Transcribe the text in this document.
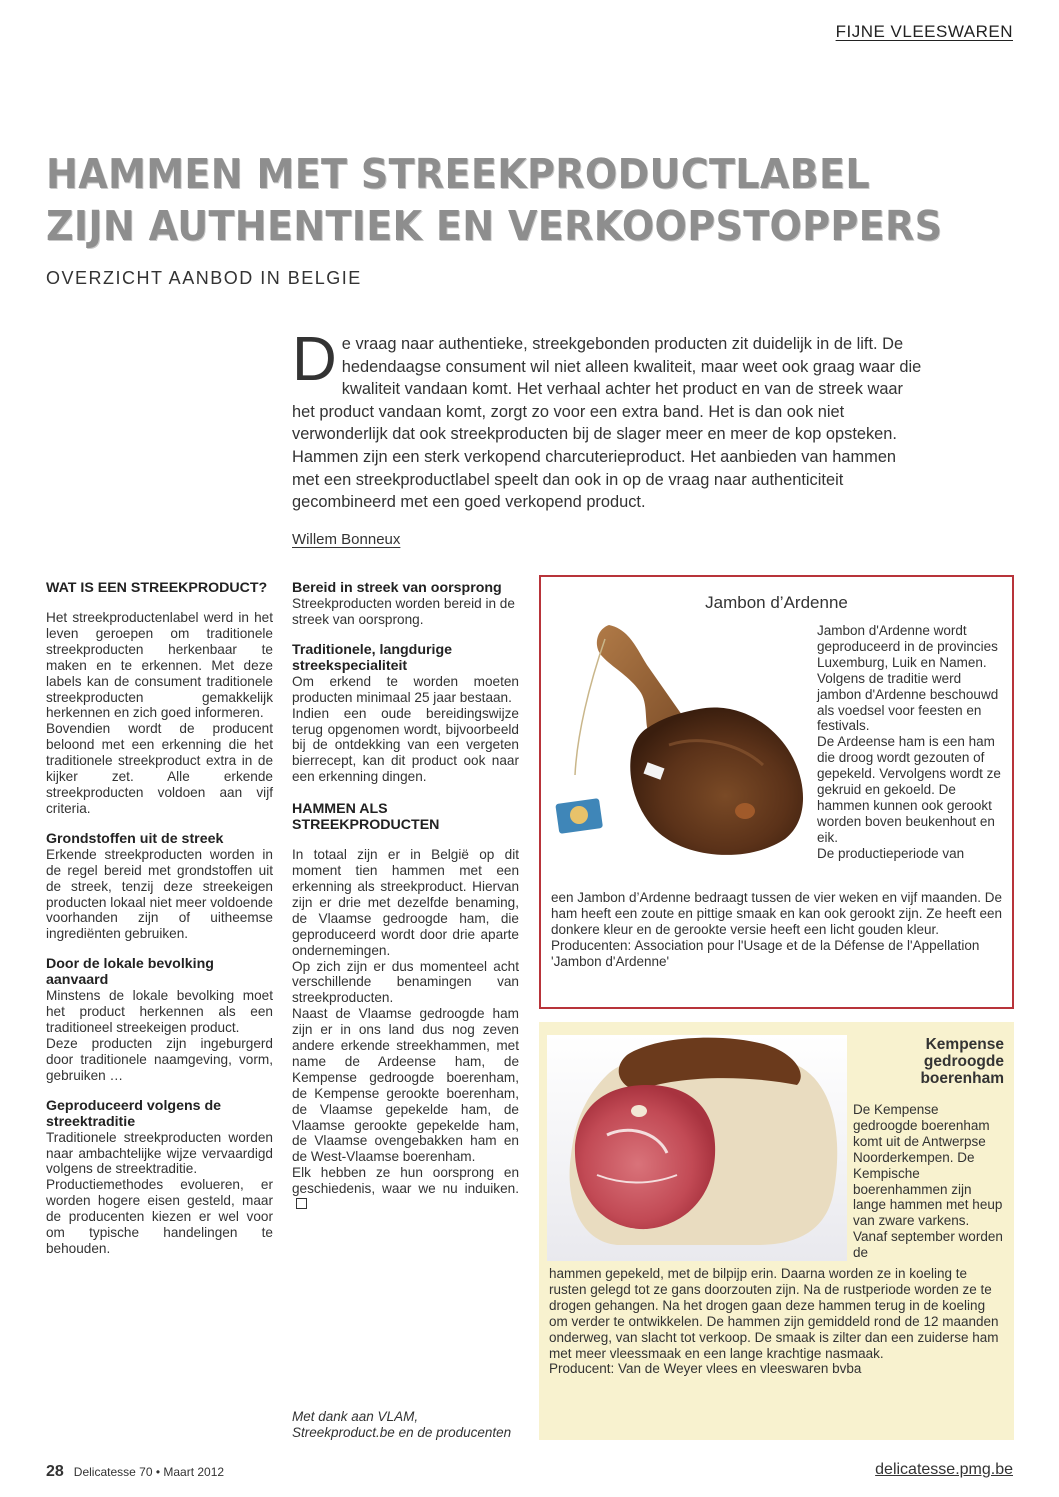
FIJNE VLEESWAREN
HAMMEN MET STREEKPRODUCTLABEL
ZIJN AUTHENTIEK EN VERKOOPSTOPPERS
OVERZICHT AANBOD IN BELGIE
De vraag naar authentieke, streekgebonden producten zit duidelijk in de lift. De hedendaagse consument wil niet alleen kwaliteit, maar weet ook graag waar die kwaliteit vandaan komt. Het verhaal achter het product en van de streek waar het product vandaan komt, zorgt zo voor een extra band. Het is dan ook niet verwonderlijk dat ook streekproducten bij de slager meer en meer de kop opsteken. Hammen zijn een sterk verkopend charcuterieproduct. Het aanbieden van hammen met een streekproductlabel speelt dan ook in op de vraag naar authenticiteit gecombineerd met een goed verkopend product.
Willem Bonneux
WAT IS EEN STREEKPRODUCT?

Het streekproductenlabel werd in het leven geroepen om traditionele streekproducten herkenbaar te maken en te erkennen. Met deze labels kan de consument traditionele streekproducten gemakkelijk herkennen en zich goed informeren.

Bovendien wordt de producent beloond met een erkenning die het traditionele streekproduct extra in de kijker zet. Alle erkende streekproducten voldoen aan vijf criteria.

Grondstoffen uit de streek

Erkende streekproducten worden in de regel bereid met grondstoffen uit de streek, tenzij deze streekeigen producten lokaal niet meer voldoende voorhanden zijn of uitheemse ingrediënten gebruiken.

Door de lokale bevolking aanvaard

Minstens de lokale bevolking moet het product herkennen als een traditioneel streekeigen product.

Deze producten zijn ingeburgerd door traditionele naamgeving, vorm, gebruiken …

Geproduceerd volgens de streektraditie

Traditionele streekproducten worden naar ambachtelijke wijze vervaardigd volgens de streektraditie.

Productiemethodes evolueren, er worden hogere eisen gesteld, maar de producenten kiezen er wel voor om typische handelingen te behouden.

Bereid in streek van oorsprong

Streekproducten worden bereid in de streek van oorsprong.

Traditionele, langdurige streekspecialiteit

Om erkend te worden moeten producten minimaal 25 jaar bestaan.

Indien een oude bereidingswijze terug opgenomen wordt, bijvoorbeeld bij de ontdekking van een vergeten bierrecept, kan dit product ook naar een erkenning dingen.

HAMMEN ALS STREEKPRODUCTEN

In totaal zijn er in België op dit moment tien hammen met een erkenning als streekproduct. Hiervan zijn er drie met dezelfde benaming, de Vlaamse gedroogde ham, die geproduceerd wordt door drie aparte ondernemingen.

Op zich zijn er dus momenteel acht verschillende benamingen van streekproducten.

Naast de Vlaamse gedroogde ham zijn er in ons land dus nog zeven andere erkende streekhammen, met name de Ardeense ham, de Kempense gedroogde boerenham, de Kempense gerookte boerenham, de Vlaamse gepekelde ham, de Vlaamse gerookte gepekelde ham, de Vlaamse ovengebakken ham en de West-Vlaamse boerenham.

Elk hebben ze hun oorsprong en geschiedenis, waar we nu induiken.

Met dank aan VLAM, Streekproduct.be en de producenten
Jambon d’Ardenne
Jambon d'Ardenne wordt geproduceerd in de provincies Luxemburg, Luik en Namen. Volgens de traditie werd jambon d'Ardenne beschouwd als voedsel voor feesten en festivals.
De Ardeense ham is een ham die droog wordt gezouten of gepekeld. Vervolgens wordt ze gekruid en gekoeld. De hammen kunnen ook gerookt worden boven beukenhout en eik.
De productieperiode van
een Jambon d’Ardenne bedraagt tussen de vier weken en vijf maanden. De ham heeft een zoute en pittige smaak en kan ook gerookt zijn. Ze heeft een donkere kleur en de gerookte versie heeft een licht gouden kleur.
Producenten: Association pour l'Usage et de la Défense de l'Appellation 'Jambon d'Ardenne'
Kempense
gedroogde
boerenham
De Kempense gedroogde boerenham komt uit de Antwerpse Noorderkempen. De Kempische boerenhammen zijn lange hammen met heup van zware varkens. Vanaf september worden de
hammen gepekeld, met de bilpijp erin. Daarna worden ze in koeling te rusten gelegd tot ze gans doorzouten zijn. Na de rustperiode worden ze te drogen gehangen. Na het drogen gaan deze hammen terug in de koeling om verder te ontwikkelen. De hammen zijn gemiddeld rond de 12 maanden onderweg, van slacht tot verkoop. De smaak is zilter dan een zuiderse ham met meer vleessmaak en een lange krachtige nasmaak.
Producent: Van de Weyer vlees en vleeswaren bvba
28 Delicatesse 70 • Maart 2012	delicatesse.pmg.be
